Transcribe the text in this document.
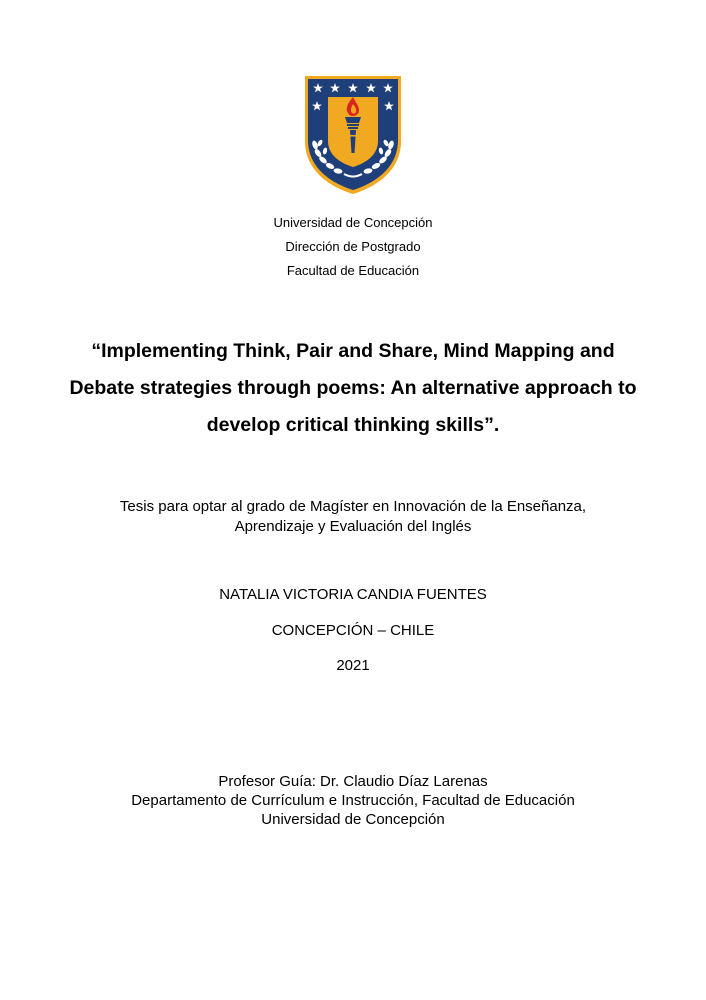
Universidad de Concepción
Dirección de Postgrado
Facultad de Educación
“Implementing Think, Pair and Share, Mind Mapping and Debate strategies through poems: An alternative approach to develop critical thinking skills”.
Tesis para optar al grado de Magíster en Innovación de la Enseñanza,
Aprendizaje y Evaluación del Inglés
NATALIA VICTORIA CANDIA FUENTES
CONCEPCIÓN – CHILE
2021
Profesor Guía: Dr. Claudio Díaz Larenas
Departamento de Currículum e Instrucción, Facultad de Educación
Universidad de Concepción
